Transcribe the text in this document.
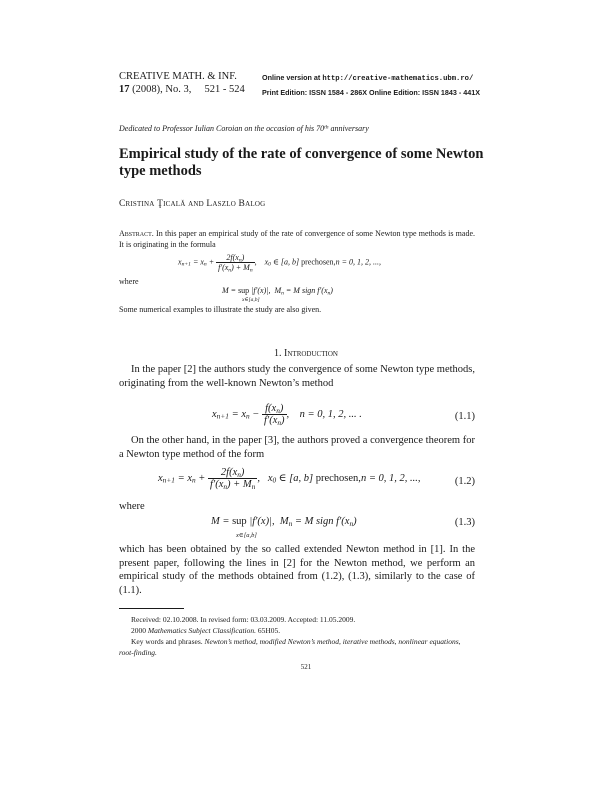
CREATIVE MATH. & INF.
17 (2008), No. 3, 521 - 524
Online version at http://creative-mathematics.ubm.ro/
Print Edition: ISSN 1584 - 286X Online Edition: ISSN 1843 - 441X
Dedicated to Professor Iulian Coroian on the occasion of his 70th anniversary
Empirical study of the rate of convergence of some Newton type methods
Cristina Ţicală and Laszlo Balog
Abstract. In this paper an empirical study of the rate of convergence of some Newton type methods is made. It is originating in the formula
$x_{n+1} = x_n + \frac{2f(x_n)}{f'(x_n) + M_n}$ ,    $x_0$ ∈ [a, b] prechosen,n = 0, 1, 2, ...,
where
M = sup |f′(x)|,  $M_n = M$ sign $f'(x_n)$
x∈[a,b]
Some numerical examples to illustrate the study are also given.
1. Introduction
In the paper [2] the authors study the convergence of some Newton type methods, originating from the well-known Newton’s method
$x_{n+1} = x_n - \frac{f(x_n)}{f'(x_n)}$ ,    n = 0, 1, 2, ... .	(1.1)
On the other hand, in the paper [3], the authors proved a convergence theorem for a Newton type method of the form
$x_{n+1} = x_n + \frac{2f(x_n)}{f'(x_n) + M_n}$ ,   $x_0$ ∈ [a, b] prechosen,n = 0, 1, 2, ...,	(1.2)
where
M = sup |f′(x)|,  $M_n = M$ sign $f'(x_n)$
x∈[a,b]
(1.3)
which has been obtained by the so called extended Newton method in [1]. In the present paper, following the lines in [2] for the Newton method, we perform an empirical study of the methods obtained from (1.2), (1.3), similarly to the case of (1.1).
Received: 02.10.2008. In revised form: 03.03.2009. Accepted: 11.05.2009.
2000 Mathematics Subject Classification. 65H05.
Key words and phrases. Newton’s method, modified Newton’s method, iterative methods, nonlinear equations, root-finding.
521
